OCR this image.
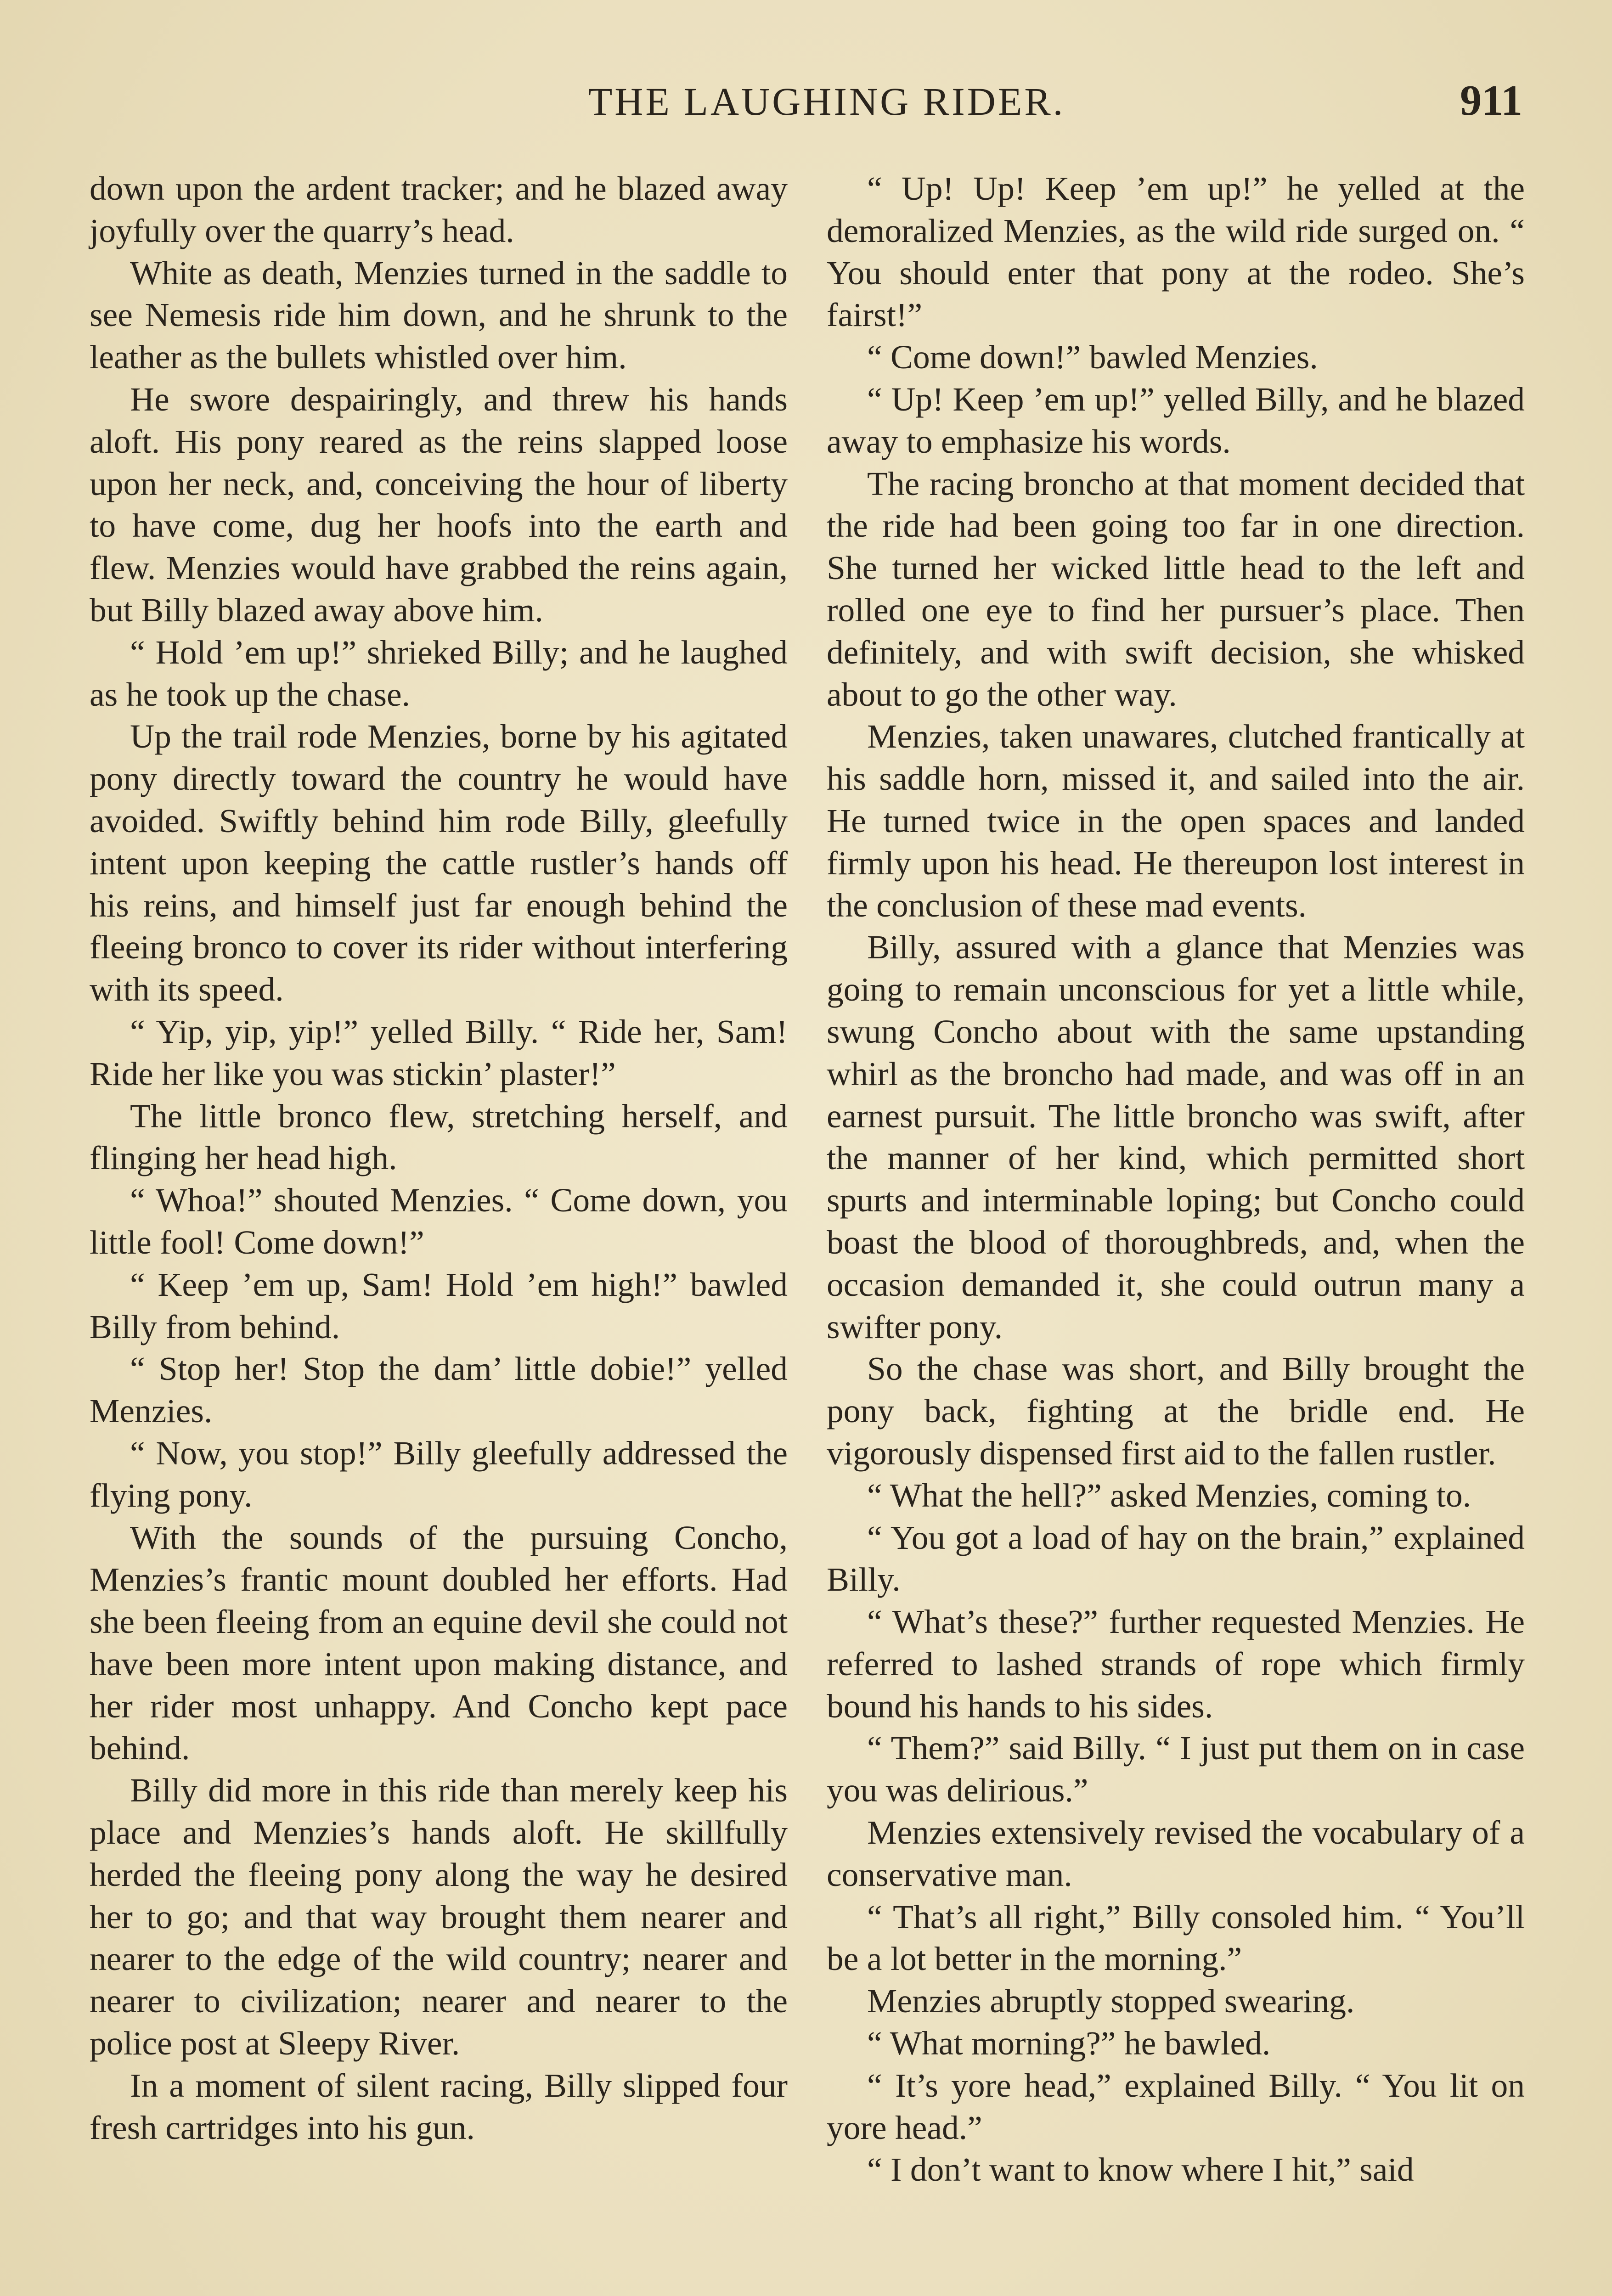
THE LAUGHING RIDER.	911

down upon the ardent tracker; and he blazed away joyfully over the quarry’s head.

White as death, Menzies turned in the saddle to see Nemesis ride him down, and he shrunk to the leather as the bullets whistled over him.

He swore despairingly, and threw his hands aloft. His pony reared as the reins slapped loose upon her neck, and, conceiving the hour of liberty to have come, dug her hoofs into the earth and flew. Menzies would have grabbed the reins again, but Billy blazed away above him.

“ Hold ’em up!” shrieked Billy; and he laughed as he took up the chase.

Up the trail rode Menzies, borne by his agitated pony directly toward the country he would have avoided. Swiftly behind him rode Billy, gleefully intent upon keeping the cattle rustler’s hands off his reins, and himself just far enough behind the fleeing bronco to cover its rider without interfering with its speed.

“ Yip, yip, yip!” yelled Billy. “ Ride her, Sam! Ride her like you was stickin’ plaster!”

The little bronco flew, stretching herself, and flinging her head high.

“ Whoa!” shouted Menzies. “ Come down, you little fool! Come down!”

“ Keep ’em up, Sam! Hold ’em high!” bawled Billy from behind.

“ Stop her! Stop the dam’ little dobie!” yelled Menzies.

“ Now, you stop!” Billy gleefully addressed the flying pony.

With the sounds of the pursuing Concho, Menzies’s frantic mount doubled her efforts. Had she been fleeing from an equine devil she could not have been more intent upon making distance, and her rider most unhappy. And Concho kept pace behind.

Billy did more in this ride than merely keep his place and Menzies’s hands aloft. He skillfully herded the fleeing pony along the way he desired her to go; and that way brought them nearer and nearer to the edge of the wild country; nearer and nearer to civilization; nearer and nearer to the police post at Sleepy River.

In a moment of silent racing, Billy slipped four fresh cartridges into his gun.

“ Up! Up! Keep ’em up!” he yelled at the demoralized Menzies, as the wild ride surged on. “ You should enter that pony at the rodeo. She’s fairst!”

“ Come down!” bawled Menzies.

“ Up! Keep ’em up!” yelled Billy, and he blazed away to emphasize his words.

The racing broncho at that moment decided that the ride had been going too far in one direction. She turned her wicked little head to the left and rolled one eye to find her pursuer’s place. Then definitely, and with swift decision, she whisked about to go the other way.

Menzies, taken unawares, clutched frantically at his saddle horn, missed it, and sailed into the air. He turned twice in the open spaces and landed firmly upon his head. He thereupon lost interest in the conclusion of these mad events.

Billy, assured with a glance that Menzies was going to remain unconscious for yet a little while, swung Concho about with the same upstanding whirl as the broncho had made, and was off in an earnest pursuit. The little broncho was swift, after the manner of her kind, which permitted short spurts and interminable loping; but Concho could boast the blood of thoroughbreds, and, when the occasion demanded it, she could outrun many a swifter pony.

So the chase was short, and Billy brought the pony back, fighting at the bridle end. He vigorously dispensed first aid to the fallen rustler.

“ What the hell?” asked Menzies, coming to.

“ You got a load of hay on the brain,” explained Billy.

“ What’s these?” further requested Menzies. He referred to lashed strands of rope which firmly bound his hands to his sides.

“ Them?” said Billy. “ I just put them on in case you was delirious.”

Menzies extensively revised the vocabulary of a conservative man.

“ That’s all right,” Billy consoled him. “ You’ll be a lot better in the morning.”

Menzies abruptly stopped swearing.

“ What morning?” he bawled.

“ It’s yore head,” explained Billy. “ You lit on yore head.”

“ I don’t want to know where I hit,” said
